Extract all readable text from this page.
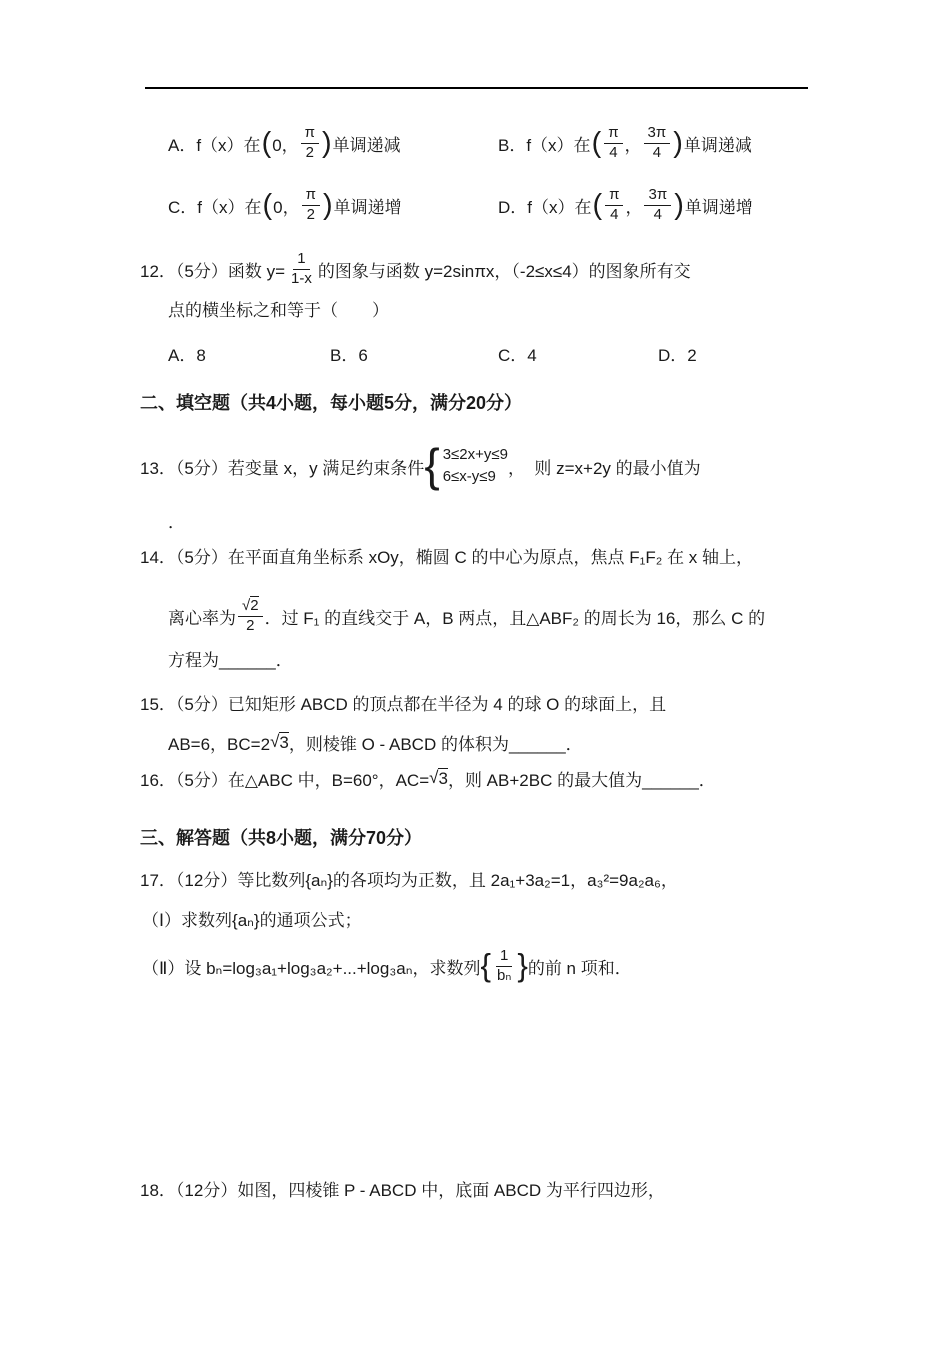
A．f（x）在 ( 0， $\frac{\pi}{2}$ ) 单调递减	B．f（x）在 ( $\frac{\pi}{4}$ ， $\frac{3\pi}{4}$ ) 单调递减
C．f（x）在 ( 0， $\frac{\pi}{2}$ ) 单调递增	D．f（x）在 ( $\frac{\pi}{4}$ ， $\frac{3\pi}{4}$ ) 单调递增
12．（5分）函数 $y= \frac{1}{1-x}$ 的图象与函数 y=2sinπx，（-2≤x≤4）的图象所有交
点的横坐标之和等于（　　）
A．8	B．6	C．4	D．2
二、填空题（共4小题，每小题5分，满分20分）
13．（5分）若变量 x，y 满足约束条件 { 3≤2x+y≤9
6≤x-y≤9 ，  则 z=x+2y 的最小值为
．
14．（5分）在平面直角坐标系 xOy，椭圆 C 的中心为原点，焦点 F₁F₂ 在 x 轴上，
离心率为 $\frac{√2}{2}$ ．过 F₁ 的直线交于 A，B 两点，且△ABF₂ 的周长为 16，那么 C 的
方程为______．
15．（5分）已知矩形 ABCD 的顶点都在半径为 4 的球 O 的球面上，且
AB=6，BC=2 √ 3 ，则棱锥 O - ABCD 的体积为______．
16．（5分）在△ABC 中，B=60°，AC= √ 3 ，则 AB+2BC 的最大值为______．
三、解答题（共8小题，满分70分）
17．（12分）等比数列{aₙ}的各项均为正数，且 2a₁+3a₂=1，a₃²=9a₂a₆，
（Ⅰ）求数列{aₙ}的通项公式；
（Ⅱ）设 bₙ=log₃a₁+log₃a₂+...+log₃aₙ，求数列 { $\frac{1}{\text{bₙ}}$ } 的前 n 项和．
18．（12分）如图，四棱锥 P - ABCD 中，底面 ABCD 为平行四边形，
